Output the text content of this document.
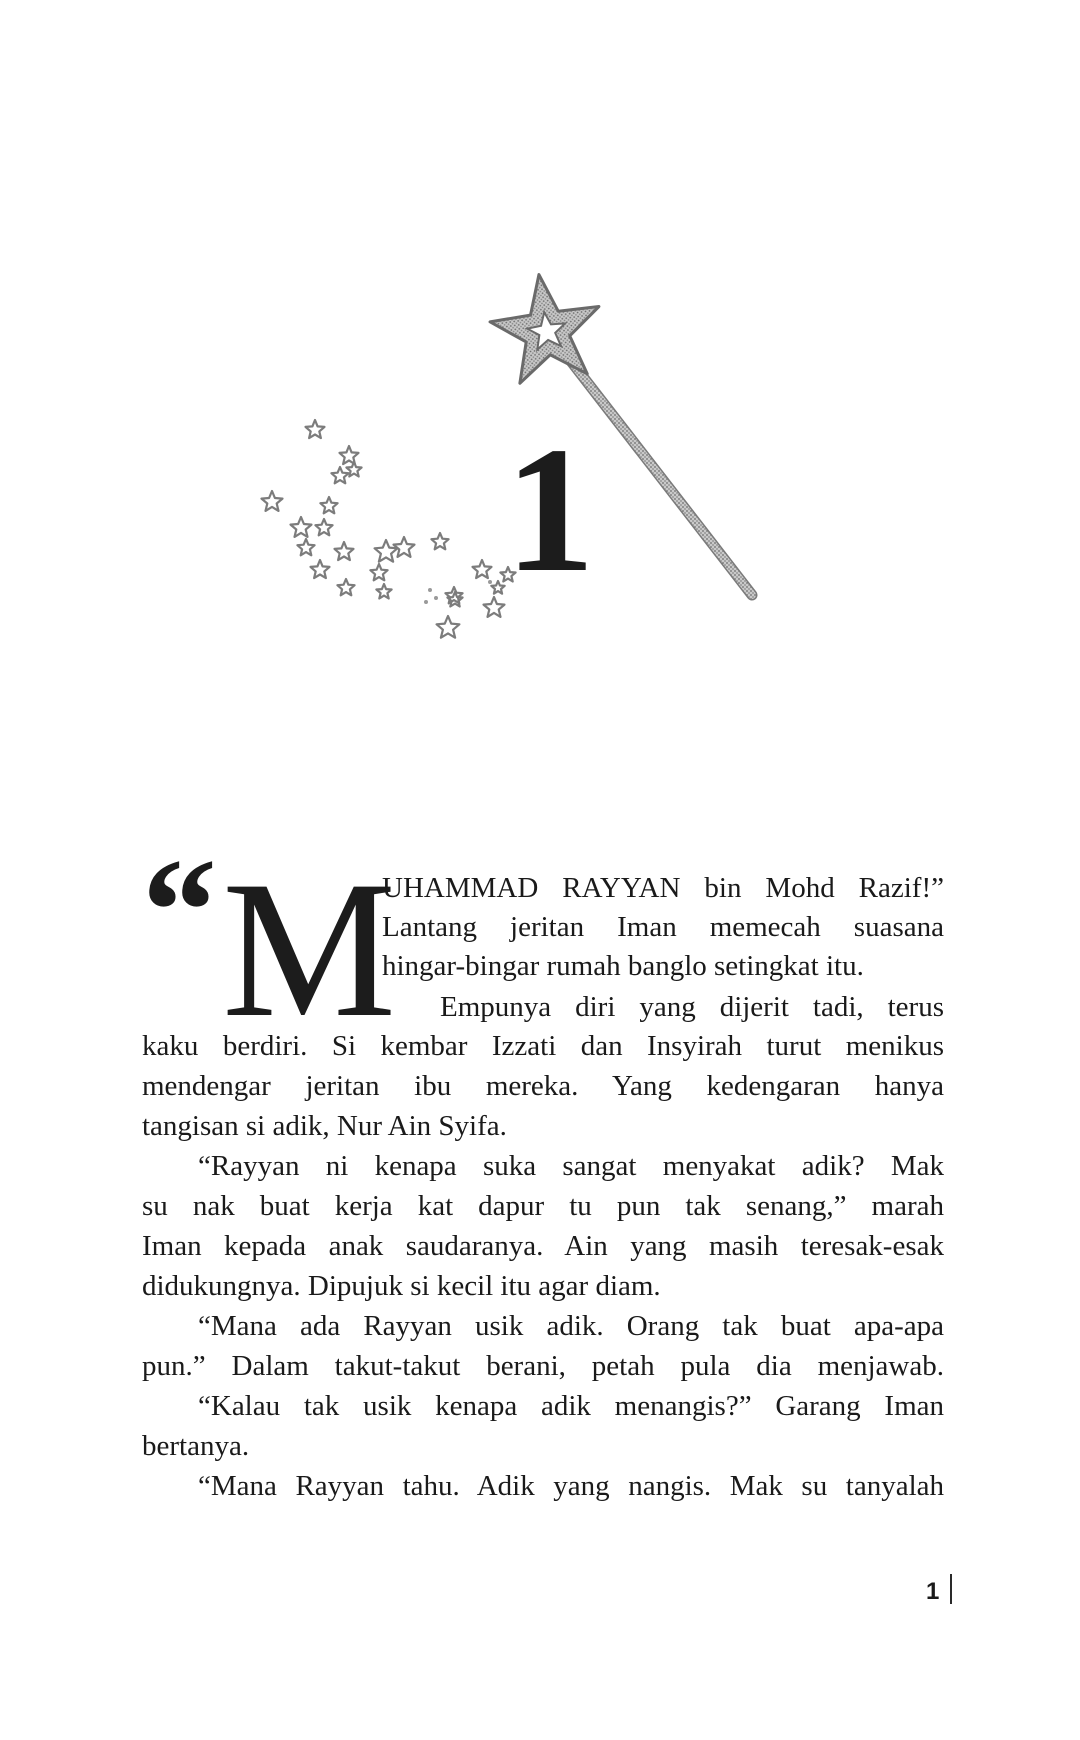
1
“ M
UHAMMAD RAYYAN bin Mohd Razif!”
Lantang jeritan Iman memecah suasana
hingar-bingar rumah banglo setingkat itu.
Empunya diri yang dijerit tadi, terus
kaku berdiri. Si kembar Izzati dan Insyirah turut menikus
mendengar jeritan ibu mereka. Yang kedengaran hanya
tangisan si adik, Nur Ain Syifa.
“Rayyan ni kenapa suka sangat menyakat adik? Mak
su nak buat kerja kat dapur tu pun tak senang,” marah
Iman kepada anak saudaranya. Ain yang masih teresak-esak
didukungnya. Dipujuk si kecil itu agar diam.
“Mana ada Rayyan usik adik. Orang tak buat apa-apa
pun.” Dalam takut-takut berani, petah pula dia menjawab.
“Kalau tak usik kenapa adik menangis?” Garang Iman
bertanya.
“Mana Rayyan tahu. Adik yang nangis. Mak su tanyalah
1
